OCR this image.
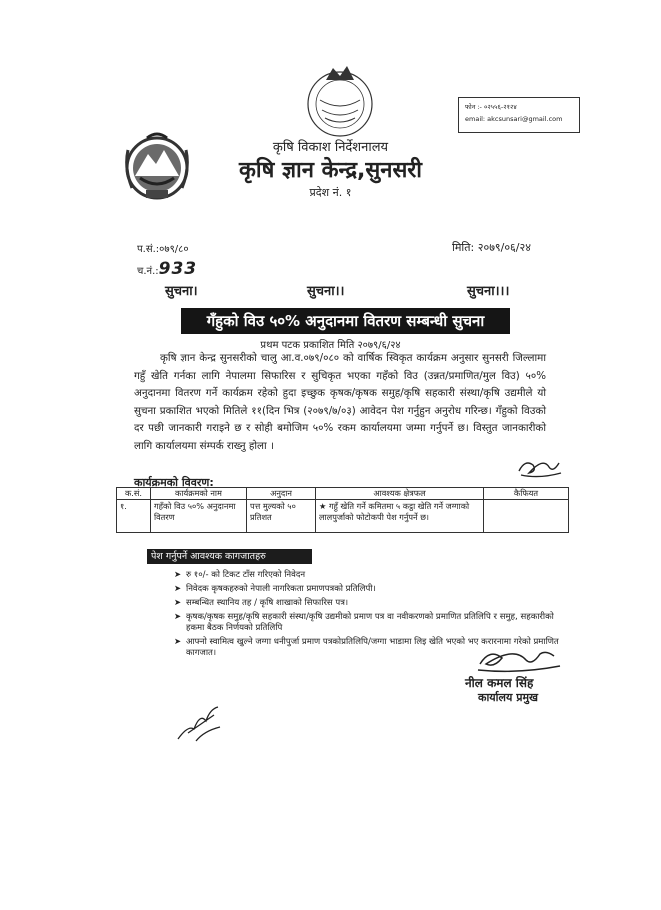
फोन :- ०२५५६-२१२४
email: akcsunsari@gmail.com
कृषि विकाश निर्देशनालय
कृषि ज्ञान केन्द्र,सुनसरी
प्रदेश नं. १
प.सं.:०७९/८०
च.नं.:933
मिति: २०७९/०६/२४
सुचना।	सुचना।।	सुचना।।।
गँहुको विउ ५०% अनुदानमा वितरण सम्बन्धी सुचना
प्रथम पटक प्रकाशित मिति २०७९/६/२४
कृषि ज्ञान केन्द्र सुनसरीको चालु आ.व.०७९/०८० को वार्षिक स्विकृत कार्यक्रम अनुसार सुनसरी जिल्लामा गहुँ खेति गर्नका लागि नेपालमा सिफारिस र सुचिकृत भएका गहँको विउ (उन्नत/प्रमाणित/मुल विउ) ५०% अनुदानमा वितरण गर्ने कार्यक्रम रहेको हुदा इच्छुक कृषक/कृषक समुह/कृषि सहकारी संस्था/कृषि उद्यमीले यो सुचना प्रकाशित भएको मितिले ११(दिन भित्र (२०७९/७/०३) आवेदन पेश गर्नुहुन अनुरोध गरिन्छ। गँहुको विउको दर पछी जानकारी गराइने छ र सोही बमोजिम ५०% रकम कार्यालयमा जम्मा गर्नुपर्ने छ। विस्तुत जानकारीको लागि कार्यालयमा संम्पर्क राख्नु होला ।
कार्यक्रमको विवरण:
क.सं.	कार्यक्रमको नाम	अनुदान	आवश्यक क्षेत्रफल	कैफियत
१.	गहँको विउ ५०% अनुदानमा वितरण	पत्त मुल्यको ५० प्रतिशत	★ गहुँ खेति गर्ने कमितमा ५ कट्ठा खेति गर्ने जग्गाको लालपुर्जाको फोटोकपी पेश गर्नुपर्ने छ।	
पेश गर्नुपर्ने आवश्यक कागजातहरु
➤ रु १०/- को टिकट टाँस गरिएको निवेदन
➤ निवेदक कृषकहरुको नेपाली नागरिकता प्रमाणपत्रको प्रतिलिपी।
➤ सम्बन्धित स्थानिय तह / कृषि शाखाको सिफारिस पत्र।
➤ कृषक/कृषक समुह/कृषि सहकारी संस्था/कृषि उद्यमीको प्रमाण पत्र वा नवीकरणको प्रमाणित प्रतिलिपि र समुह, सहकारीको हकमा बैठक निर्णयको प्रतिलिपि
➤ आफ्नो स्वामित्व खुल्ने जग्गा धनीपुर्जा प्रमाण पत्रकोप्रतिलिपि/जग्गा भाडामा लिइ खेति भएको भए करारनामा गरेको प्रमाणित कागजात।
नील कमल सिंह
कार्यालय प्रमुख
